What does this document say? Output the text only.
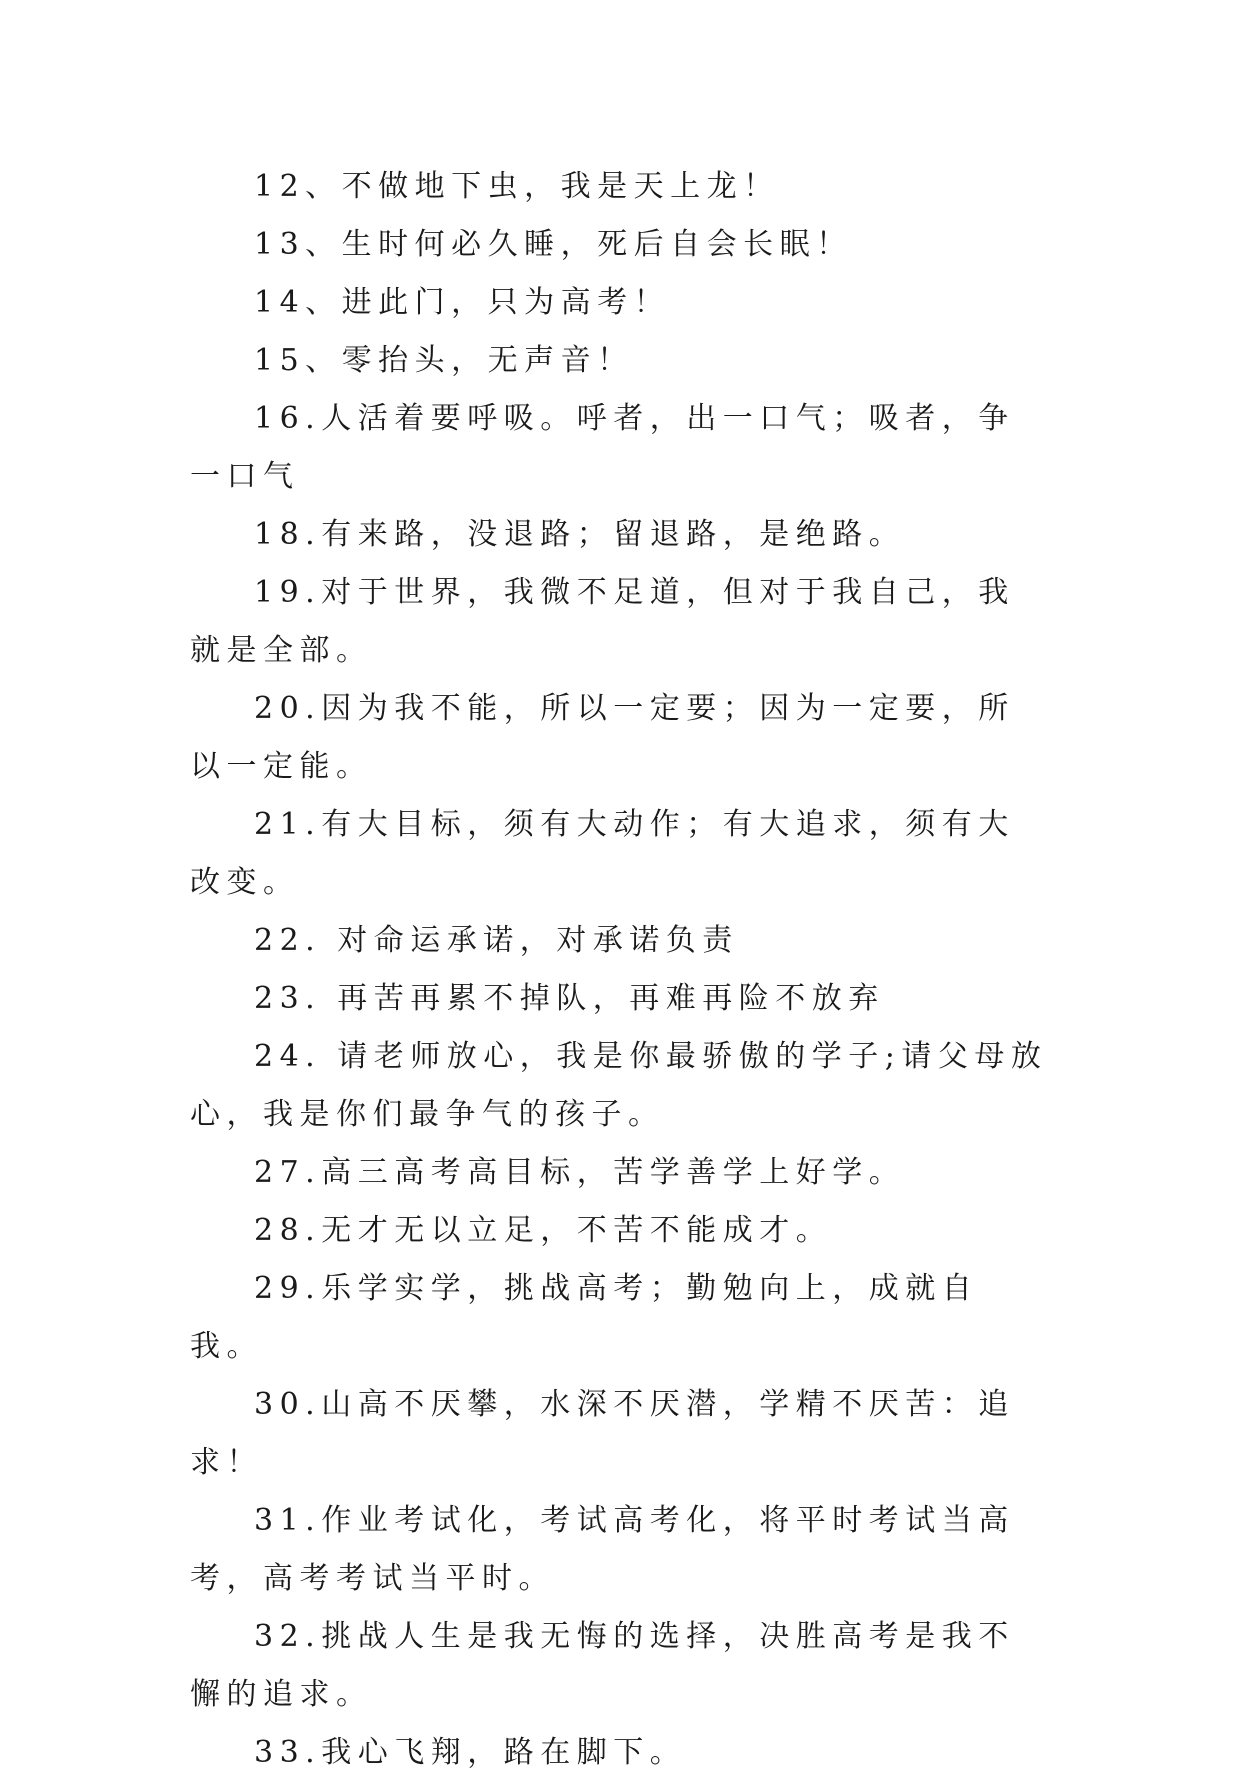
12、不做地下虫，我是天上龙！

13、生时何必久睡，死后自会长眠！

14、进此门，只为高考！

15、零抬头，无声音！

16.人活着要呼吸。呼者，出一口气；吸者，争一口气

18.有来路，没退路；留退路，是绝路。

19.对于世界，我微不足道，但对于我自己，我就是全部。

20.因为我不能，所以一定要；因为一定要，所以一定能。

21.有大目标，须有大动作；有大追求，须有大改变。

22. 对命运承诺，对承诺负责

23. 再苦再累不掉队，再难再险不放弃

24. 请老师放心，我是你最骄傲的学子;请父母放心，我是你们最争气的孩子。

27.高三高考高目标，苦学善学上好学。

28.无才无以立足，不苦不能成才。

29.乐学实学，挑战高考；勤勉向上，成就自我。

30.山高不厌攀，水深不厌潜，学精不厌苦：追求！

31.作业考试化，考试高考化，将平时考试当高考，高考考试当平时。

32.挑战人生是我无悔的选择，决胜高考是我不懈的追求。

33.我心飞翔，路在脚下。
